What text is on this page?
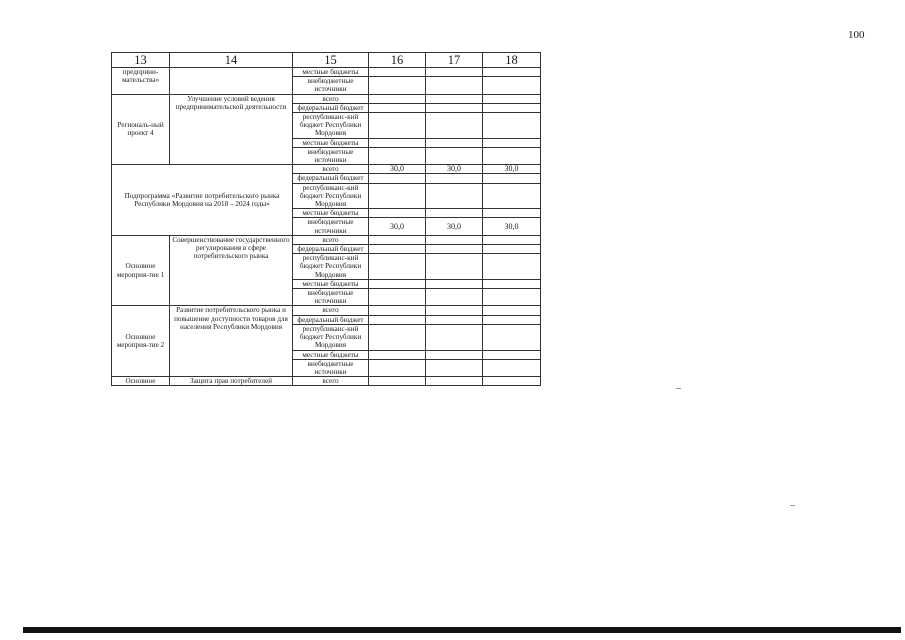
100
13	14	15	16	17	18
предприни-мательства»		местные бюджеты			
		внебюджетные источники			
Региональ-ный проект 4	Улучшение условий ведения предпринимательской деятельности	всего			
		федеральный бюджет			
		республиканс-кий бюджет Республики Мордовия			
		местные бюджеты			
		внебюджетные источники			
Подпрограмма «Развитие потребительского рынка Республики Мордовия на 2018 – 2024 годы»		всего	30,0	30,0	30,0
		федеральный бюджет			
		республиканс-кий бюджет Республики Мордовия			
		местные бюджеты			
		внебюджетные источники	30,0	30,0	30,0
Основное мероприя-тие 1	Совершенствование государственного регулирования в сфере потребительского рынка	всего			
		федеральный бюджет			
		республиканс-кий бюджет Республики Мордовия			
		местные бюджеты			
		внебюджетные источники			
Основное мероприя-тие 2	Развитие потребительского рынка и повышение доступности товаров для населения Республики Мордовия	всего			
		федеральный бюджет			
		республиканс-кий бюджет Республики Мордовия			
		местные бюджеты			
		внебюджетные источники			
Основное	Защита прав потребителей	всего			
